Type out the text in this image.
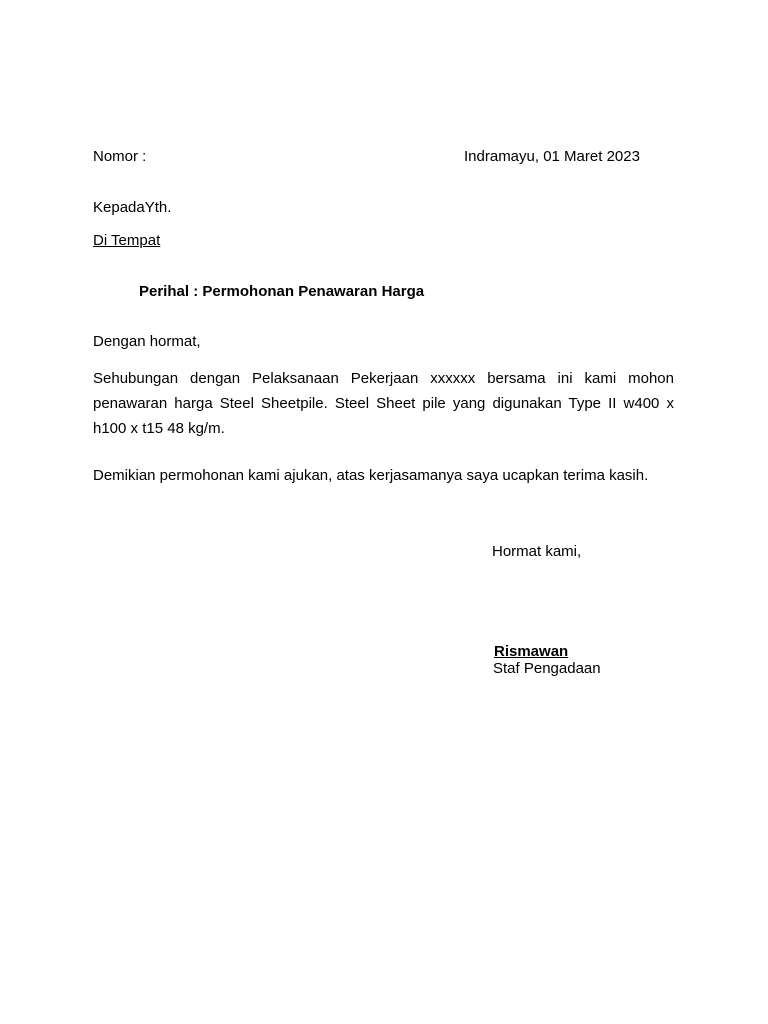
Nomor :	Indramayu, 01 Maret 2023
KepadaYth.
Di Tempat
Perihal : Permohonan Penawaran Harga
Dengan hormat,
Sehubungan dengan Pelaksanaan Pekerjaan xxxxxx bersama ini kami mohon penawaran harga Steel Sheetpile. Steel Sheet pile yang digunakan Type II w400 x h100 x t15 48 kg/m.
Demikian permohonan kami ajukan, atas kerjasamanya saya ucapkan terima kasih.
Hormat kami,
Rismawan
Staf Pengadaan
